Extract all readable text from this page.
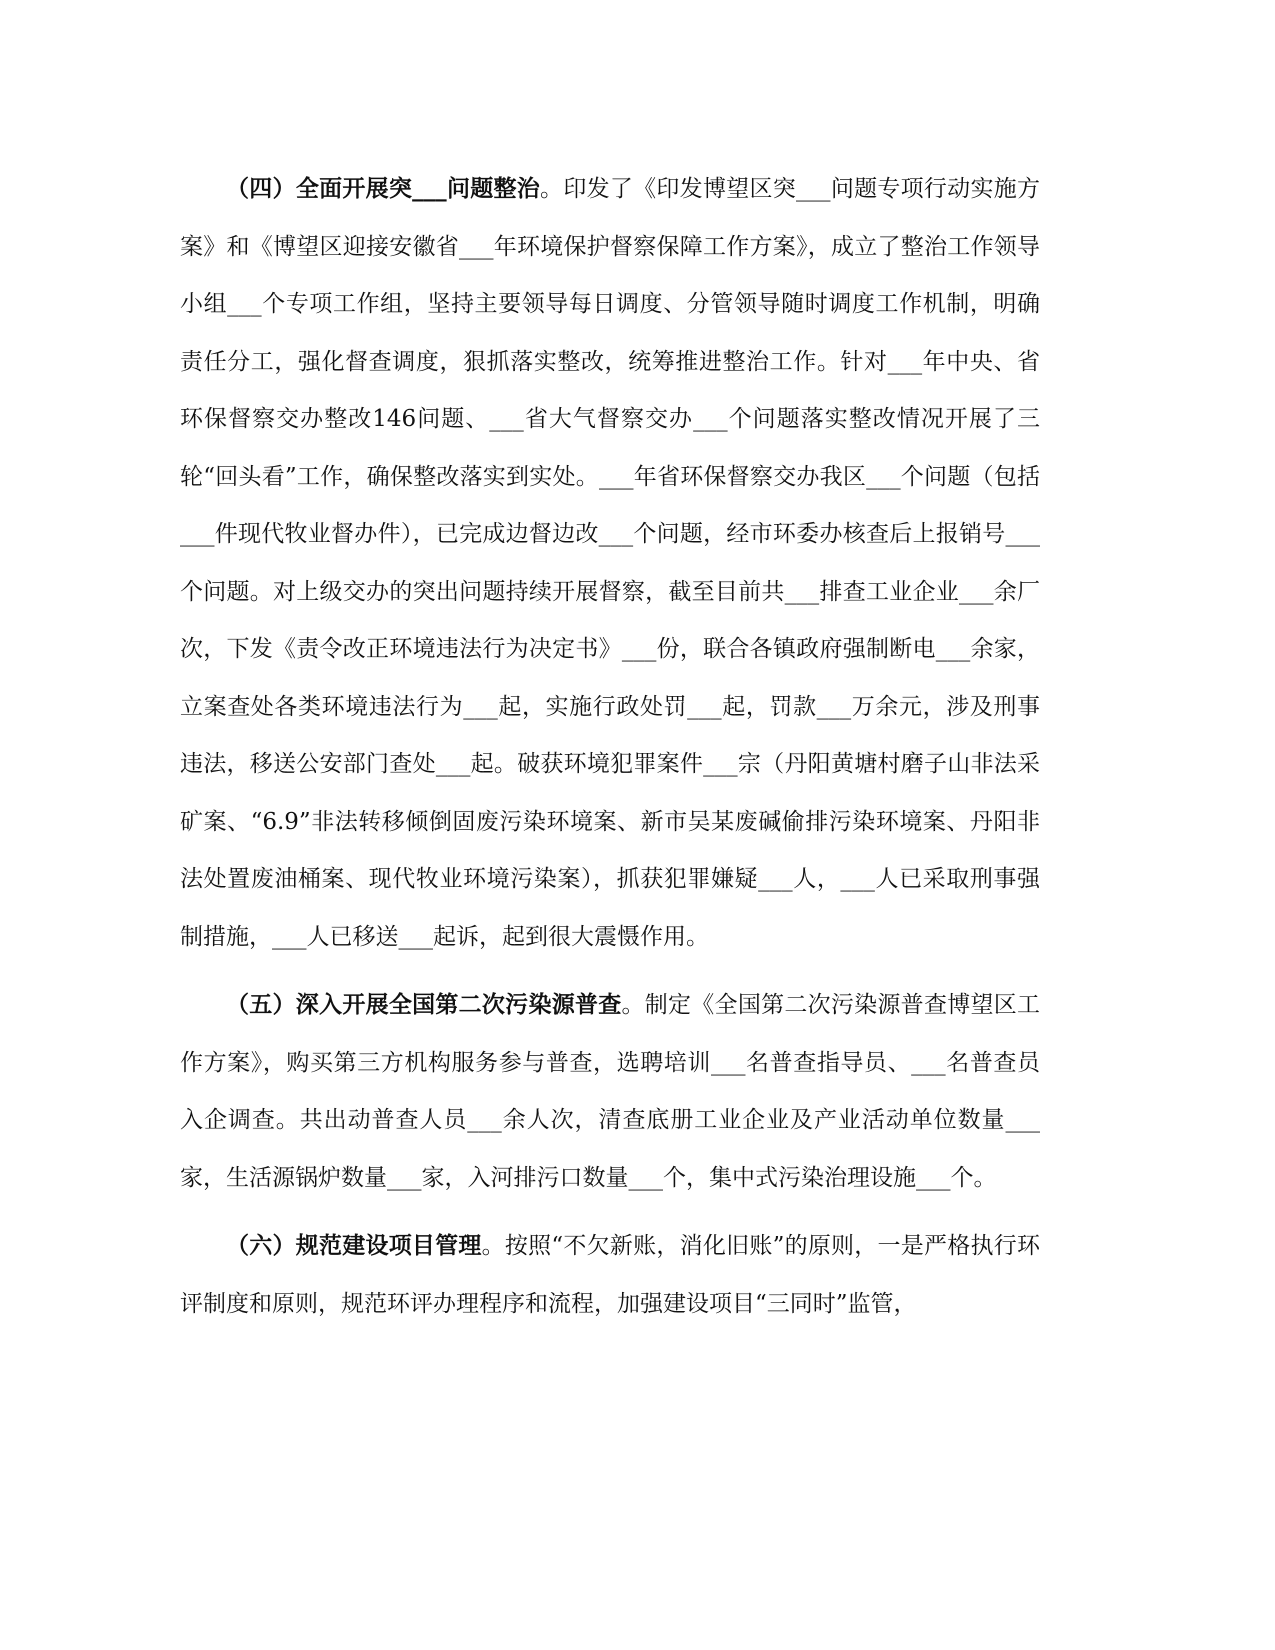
（四）全面开展突___问题整治。印发了《印发博望区突___问题专项行动实施方案》和《博望区迎接安徽省___年环境保护督察保障工作方案》，成立了整治工作领导小组___个专项工作组，坚持主要领导每日调度、分管领导随时调度工作机制，明确责任分工，强化督查调度，狠抓落实整改，统筹推进整治工作。针对___年中央、省环保督察交办整改146问题、___省大气督察交办___个问题落实整改情况开展了三轮“回头看”工作，确保整改落实到实处。___年省环保督察交办我区___个问题（包括___件现代牧业督办件），已完成边督边改___个问题，经市环委办核查后上报销号___个问题。对上级交办的突出问题持续开展督察，截至目前共___排查工业企业___余厂次，下发《责令改正环境违法行为决定书》___份，联合各镇政府强制断电___余家，立案查处各类环境违法行为___起，实施行政处罚___起，罚款___万余元，涉及刑事违法，移送公安部门查处___起。破获环境犯罪案件___宗（丹阳黄塘村磨子山非法采矿案、“6.9”非法转移倾倒固废污染环境案、新市吴某废碱偷排污染环境案、丹阳非法处置废油桶案、现代牧业环境污染案），抓获犯罪嫌疑___人，___人已采取刑事强制措施，___人已移送___起诉，起到很大震慑作用。

（五）深入开展全国第二次污染源普查。制定《全国第二次污染源普查博望区工作方案》，购买第三方机构服务参与普查，选聘培训___名普查指导员、___名普查员入企调查。共出动普查人员___余人次，清查底册工业企业及产业活动单位数量___家，生活源锅炉数量___家，入河排污口数量___个，集中式污染治理设施___个。

（六）规范建设项目管理。按照“不欠新账，消化旧账”的原则，一是严格执行环评制度和原则，规范环评办理程序和流程，加强建设项目“三同时”监管，
